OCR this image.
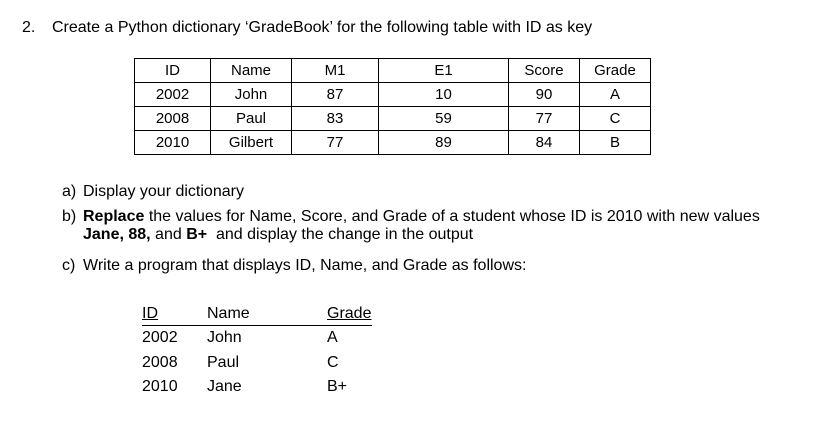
2. Create a Python dictionary ‘GradeBook’ for the following table with ID as key
ID	Name	M1	E1	Score	Grade
2002	John	87	10	90	A
2008	Paul	83	59	77	C
2010	Gilbert	77	89	84	B
a) Display your dictionary
b) Replace the values for Name, Score, and Grade of a student whose ID is 2010 with new values
Jane, 88, and B+  and display the change in the output
c) Write a program that displays ID, Name, and Grade as follows:
ID	Name	Grade
2002 John	A
2008 Paul	C
2010 Jane	B+
